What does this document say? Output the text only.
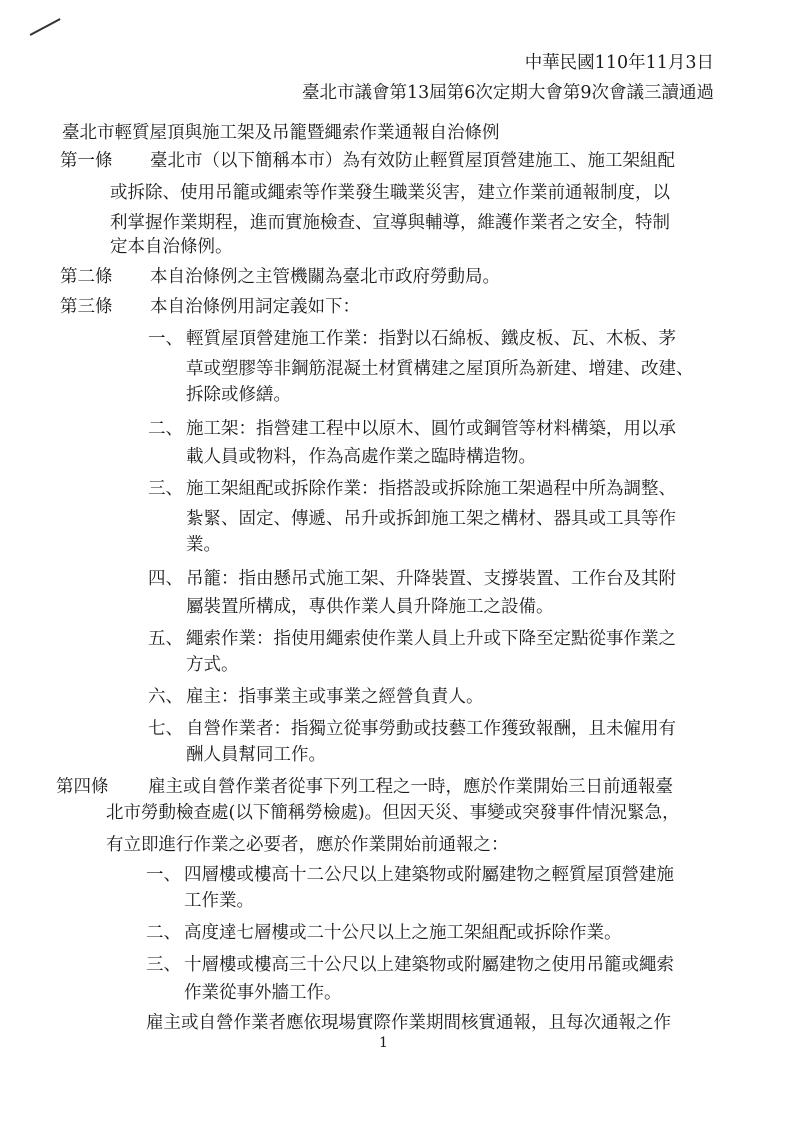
中華民國110年11月3日
臺北市議會第13屆第6次定期大會第9次會議三讀通過
臺北市輕質屋頂與施工架及吊籠暨繩索作業通報自治條例
第一條 臺北市（以下簡稱本市）為有效防止輕質屋頂營建施工、施工架組配
或拆除、使用吊籠或繩索等作業發生職業災害，建立作業前通報制度，以
利掌握作業期程，進而實施檢查、宣導與輔導，維護作業者之安全，特制
定本自治條例。
第二條 本自治條例之主管機關為臺北市政府勞動局。
第三條 本自治條例用詞定義如下：
一、 輕質屋頂營建施工作業：指對以石綿板、鐵皮板、瓦、木板、茅
草或塑膠等非鋼筋混凝土材質構建之屋頂所為新建、增建、改建、
拆除或修繕。
二、 施工架：指營建工程中以原木、圓竹或鋼管等材料構築，用以承
載人員或物料，作為高處作業之臨時構造物。
三、 施工架組配或拆除作業：指搭設或拆除施工架過程中所為調整、
紮緊、固定、傳遞、吊升或拆卸施工架之構材、器具或工具等作
業。
四、 吊籠：指由懸吊式施工架、升降裝置、支撐裝置、工作台及其附
屬裝置所構成，專供作業人員升降施工之設備。
五、 繩索作業：指使用繩索使作業人員上升或下降至定點從事作業之
方式。
六、 雇主：指事業主或事業之經營負責人。
七、 自營作業者：指獨立從事勞動或技藝工作獲致報酬，且未僱用有
酬人員幫同工作。
第四條 雇主或自營作業者從事下列工程之一時，應於作業開始三日前通報臺
北市勞動檢查處(以下簡稱勞檢處)。但因天災、事變或突發事件情況緊急，
有立即進行作業之必要者，應於作業開始前通報之：
一、 四層樓或樓高十二公尺以上建築物或附屬建物之輕質屋頂營建施
工作業。
二、 高度達七層樓或二十公尺以上之施工架組配或拆除作業。
三、 十層樓或樓高三十公尺以上建築物或附屬建物之使用吊籠或繩索
作業從事外牆工作。
雇主或自營作業者應依現場實際作業期間核實通報，且每次通報之作
1
